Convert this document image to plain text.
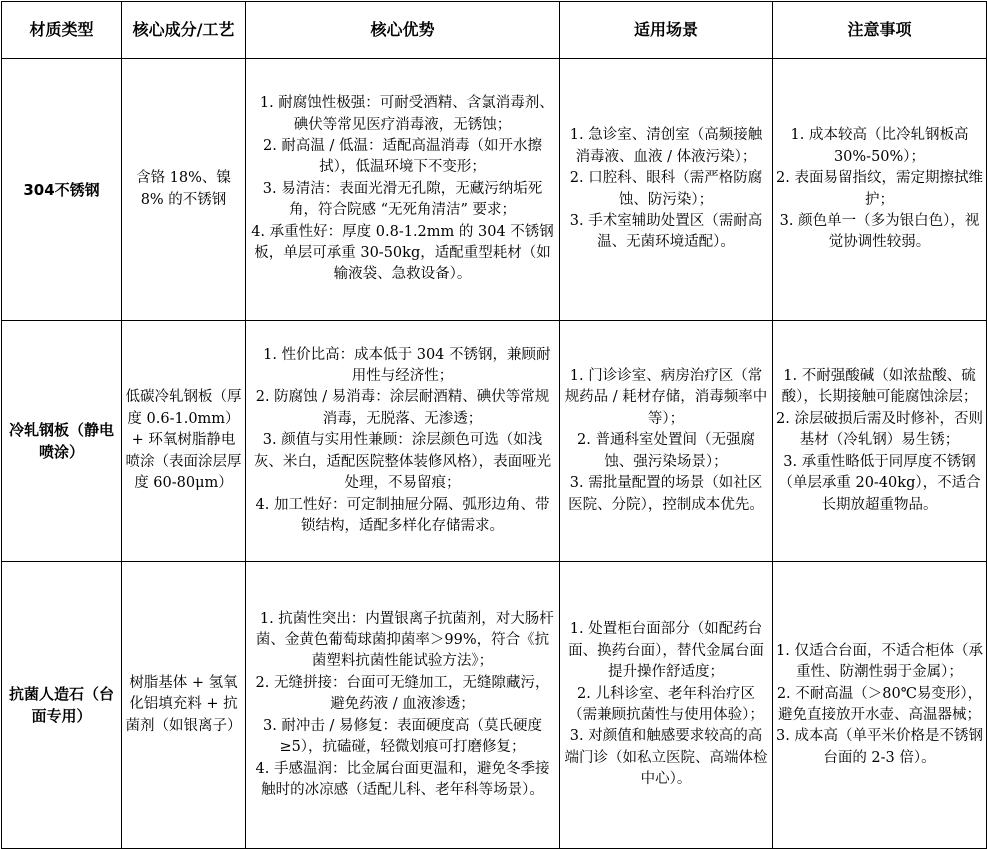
材质类型	核心成分/工艺	核心优势	适用场景	注意事项
304不锈钢	含铬 18%、镍 8% 的不锈钢	1. 耐腐蚀性极强：可耐受酒精、含氯消毒剂、碘伏等常见医疗消毒液，无锈蚀；
2. 耐高温 / 低温：适配高温消毒（如开水擦拭），低温环境下不变形；
3. 易清洁：表面光滑无孔隙，无藏污纳垢死角，符合院感 “无死角清洁” 要求；
4. 承重性好：厚度 0.8-1.2mm 的 304 不锈钢板，单层可承重 30-50kg，适配重型耗材（如输液袋、急救设备）。	1. 急诊室、清创室（高频接触消毒液、血液 / 体液污染）；
2. 口腔科、眼科（需严格防腐蚀、防污染）；
3. 手术室辅助处置区（需耐高温、无菌环境适配）。	1. 成本较高（比冷轧钢板高 30%-50%）；
2. 表面易留指纹，需定期擦拭维护；
3. 颜色单一（多为银白色），视觉协调性较弱。

冷轧钢板（静电喷涂）	低碳冷轧钢板（厚度 0.6-1.0mm）+ 环氧树脂静电喷涂（表面涂层厚度 60-80μm）	1. 性价比高：成本低于 304 不锈钢，兼顾耐用性与经济性；
2. 防腐蚀 / 易消毒：涂层耐酒精、碘伏等常规消毒，无脱落、无渗透；
3. 颜值与实用性兼顾：涂层颜色可选（如浅灰、米白，适配医院整体装修风格），表面哑光处理，不易留痕；
4. 加工性好：可定制抽屉分隔、弧形边角、带锁结构，适配多样化存储需求。	1. 门诊诊室、病房治疗区（常规药品 / 耗材存储，消毒频率中等）；
2. 普通科室处置间（无强腐蚀、强污染场景）；
3. 需批量配置的场景（如社区医院、分院），控制成本优先。	1. 不耐强酸碱（如浓盐酸、硫酸），长期接触可能腐蚀涂层；
2. 涂层破损后需及时修补，否则基材（冷轧钢）易生锈；
3. 承重性略低于同厚度不锈钢（单层承重 20-40kg），不适合长期放超重物品。

抗菌人造石（台面专用）	树脂基体 + 氢氧化铝填充料 + 抗菌剂（如银离子）	1. 抗菌性突出：内置银离子抗菌剂，对大肠杆菌、金黄色葡萄球菌抑菌率＞99%，符合《抗菌塑料抗菌性能试验方法》；
2. 无缝拼接：台面可无缝加工，无缝隙藏污，避免药液 / 血液渗透；
3. 耐冲击 / 易修复：表面硬度高（莫氏硬度≥5），抗磕碰，轻微划痕可打磨修复；
4. 手感温润：比金属台面更温和，避免冬季接触时的冰凉感（适配儿科、老年科等场景）。	1. 处置柜台面部分（如配药台面、换药台面），替代金属台面提升操作舒适度；
2. 儿科诊室、老年科治疗区（需兼顾抗菌性与使用体验）；
3. 对颜值和触感要求较高的高端门诊（如私立医院、高端体检中心）。	1. 仅适合台面，不适合柜体（承重性、防潮性弱于金属）；
2. 不耐高温（＞80℃易变形），避免直接放开水壶、高温器械；
3. 成本高（单平米价格是不锈钢台面的 2-3 倍）。
